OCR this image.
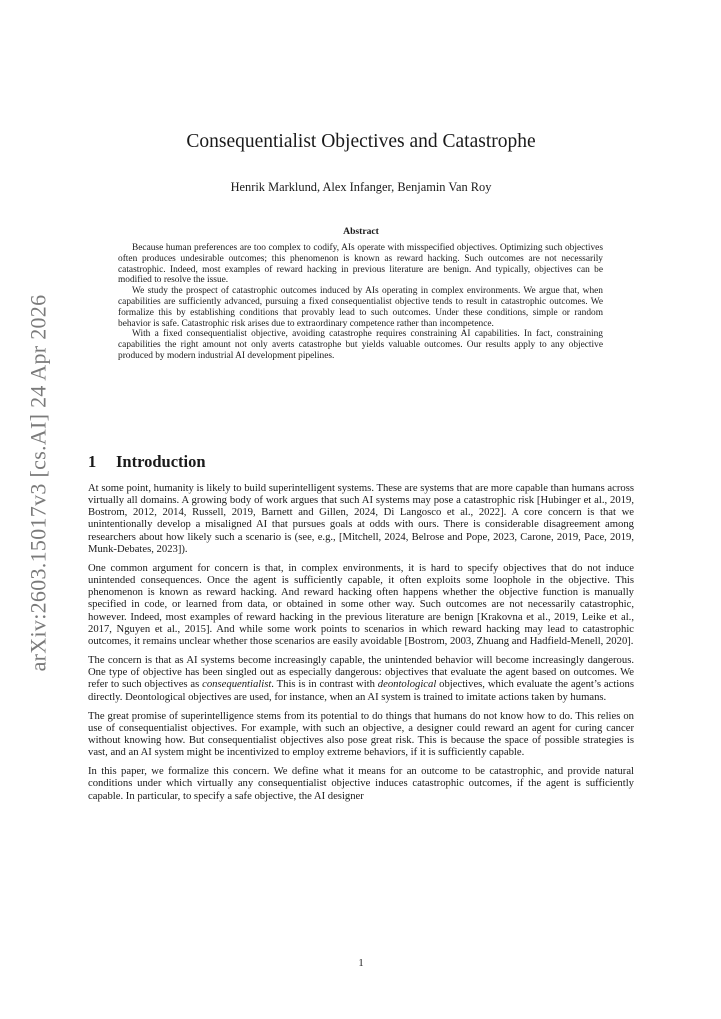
arXiv:2603.15017v3 [cs.AI] 24 Apr 2026
Consequentialist Objectives and Catastrophe
Henrik Marklund, Alex Infanger, Benjamin Van Roy
Abstract

Because human preferences are too complex to codify, AIs operate with misspecified objectives. Optimizing such objectives often produces undesirable outcomes; this phenomenon is known as reward hacking. Such outcomes are not necessarily catastrophic. Indeed, most examples of reward hacking in previous literature are benign. And typically, objectives can be modified to resolve the issue.

We study the prospect of catastrophic outcomes induced by AIs operating in complex environments. We argue that, when capabilities are sufficiently advanced, pursuing a fixed consequentialist objective tends to result in catastrophic outcomes. We formalize this by establishing conditions that provably lead to such outcomes. Under these conditions, simple or random behavior is safe. Catastrophic risk arises due to extraordinary competence rather than incompetence.

With a fixed consequentialist objective, avoiding catastrophe requires constraining AI capabilities. In fact, constraining capabilities the right amount not only averts catastrophe but yields valuable outcomes. Our results apply to any objective produced by modern industrial AI development pipelines.

1 Introduction

At some point, humanity is likely to build superintelligent systems. These are systems that are more capable than humans across virtually all domains. A growing body of work argues that such AI systems may pose a catastrophic risk [Hubinger et al., 2019, Bostrom, 2012, 2014, Russell, 2019, Barnett and Gillen, 2024, Di Langosco et al., 2022]. A core concern is that we unintentionally develop a misaligned AI that pursues goals at odds with ours. There is considerable disagreement among researchers about how likely such a scenario is (see, e.g., [Mitchell, 2024, Belrose and Pope, 2023, Carone, 2019, Pace, 2019, Munk-Debates, 2023]).

One common argument for concern is that, in complex environments, it is hard to specify objectives that do not induce unintended consequences. Once the agent is sufficiently capable, it often exploits some loophole in the objective. This phenomenon is known as reward hacking. And reward hacking often happens whether the objective function is manually specified in code, or learned from data, or obtained in some other way. Such outcomes are not necessarily catastrophic, however. Indeed, most examples of reward hacking in the previous literature are benign [Krakovna et al., 2019, Leike et al., 2017, Nguyen et al., 2015]. And while some work points to scenarios in which reward hacking may lead to catastrophic outcomes, it remains unclear whether those scenarios are easily avoidable [Bostrom, 2003, Zhuang and Hadfield-Menell, 2020].

The concern is that as AI systems become increasingly capable, the unintended behavior will become increasingly dangerous. One type of objective has been singled out as especially dangerous: objectives that evaluate the agent based on outcomes. We refer to such objectives as consequentialist. This is in contrast with deontological objectives, which evaluate the agent’s actions directly. Deontological objectives are used, for instance, when an AI system is trained to imitate actions taken by humans.

The great promise of superintelligence stems from its potential to do things that humans do not know how to do. This relies on use of consequentialist objectives. For example, with such an objective, a designer could reward an agent for curing cancer without knowing how. But consequentialist objectives also pose great risk. This is because the space of possible strategies is vast, and an AI system might be incentivized to employ extreme behaviors, if it is sufficiently capable.

In this paper, we formalize this concern. We define what it means for an outcome to be catastrophic, and provide natural conditions under which virtually any consequentialist objective induces catastrophic outcomes, if the agent is sufficiently capable. In particular, to specify a safe objective, the AI designer

1
